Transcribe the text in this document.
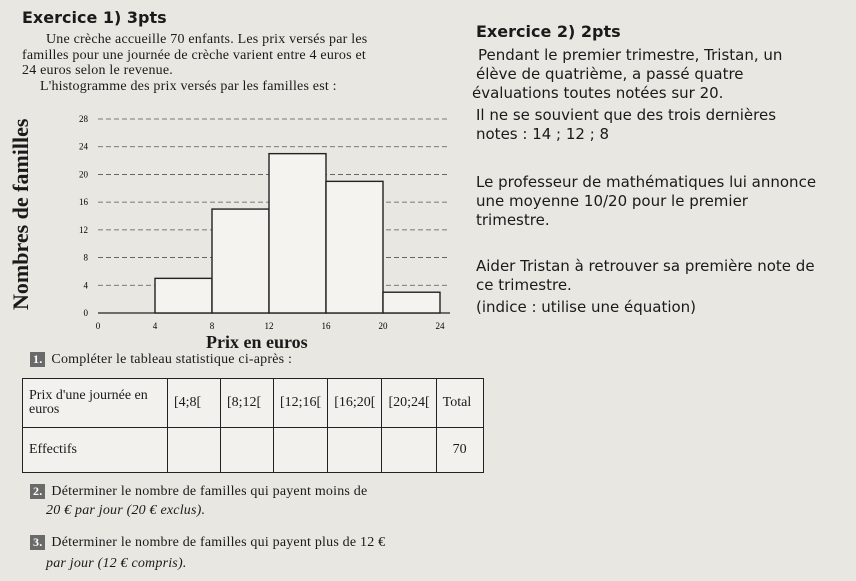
Exercice 1) 3pts
Une crèche accueille 70 enfants. Les prix versés par les
familles pour une journée de crèche varient entre 4 euros et
24 euros selon le revenue.
L'histogramme des prix versés par les familles est :
Nombres de familles
0
4
8
12
16
20
24
28
0	4	8	12	16	20	24
Prix en euros
1. Compléter le tableau statistique ci-après :
Prix d'une journée en euros	[4;8[	[8;12[	[12;16[	[16;20[	[20;24[	Total
Effectifs						70
2. Déterminer le nombre de familles qui payent moins de
20 € par jour (20 € exclus).
3. Déterminer le nombre de familles qui payent plus de 12 €
par jour (12 € compris).
Exercice 2) 2pts
Pendant le premier trimestre, Tristan, un
élève de quatrième, a passé quatre
évaluations toutes notées sur 20.
Il ne se souvient que des trois dernières
notes : 14 ; 12 ; 8
Le professeur de mathématiques lui annonce
une moyenne 10/20 pour le premier
trimestre.
Aider Tristan à retrouver sa première note de
ce trimestre.
(indice : utilise une équation)
